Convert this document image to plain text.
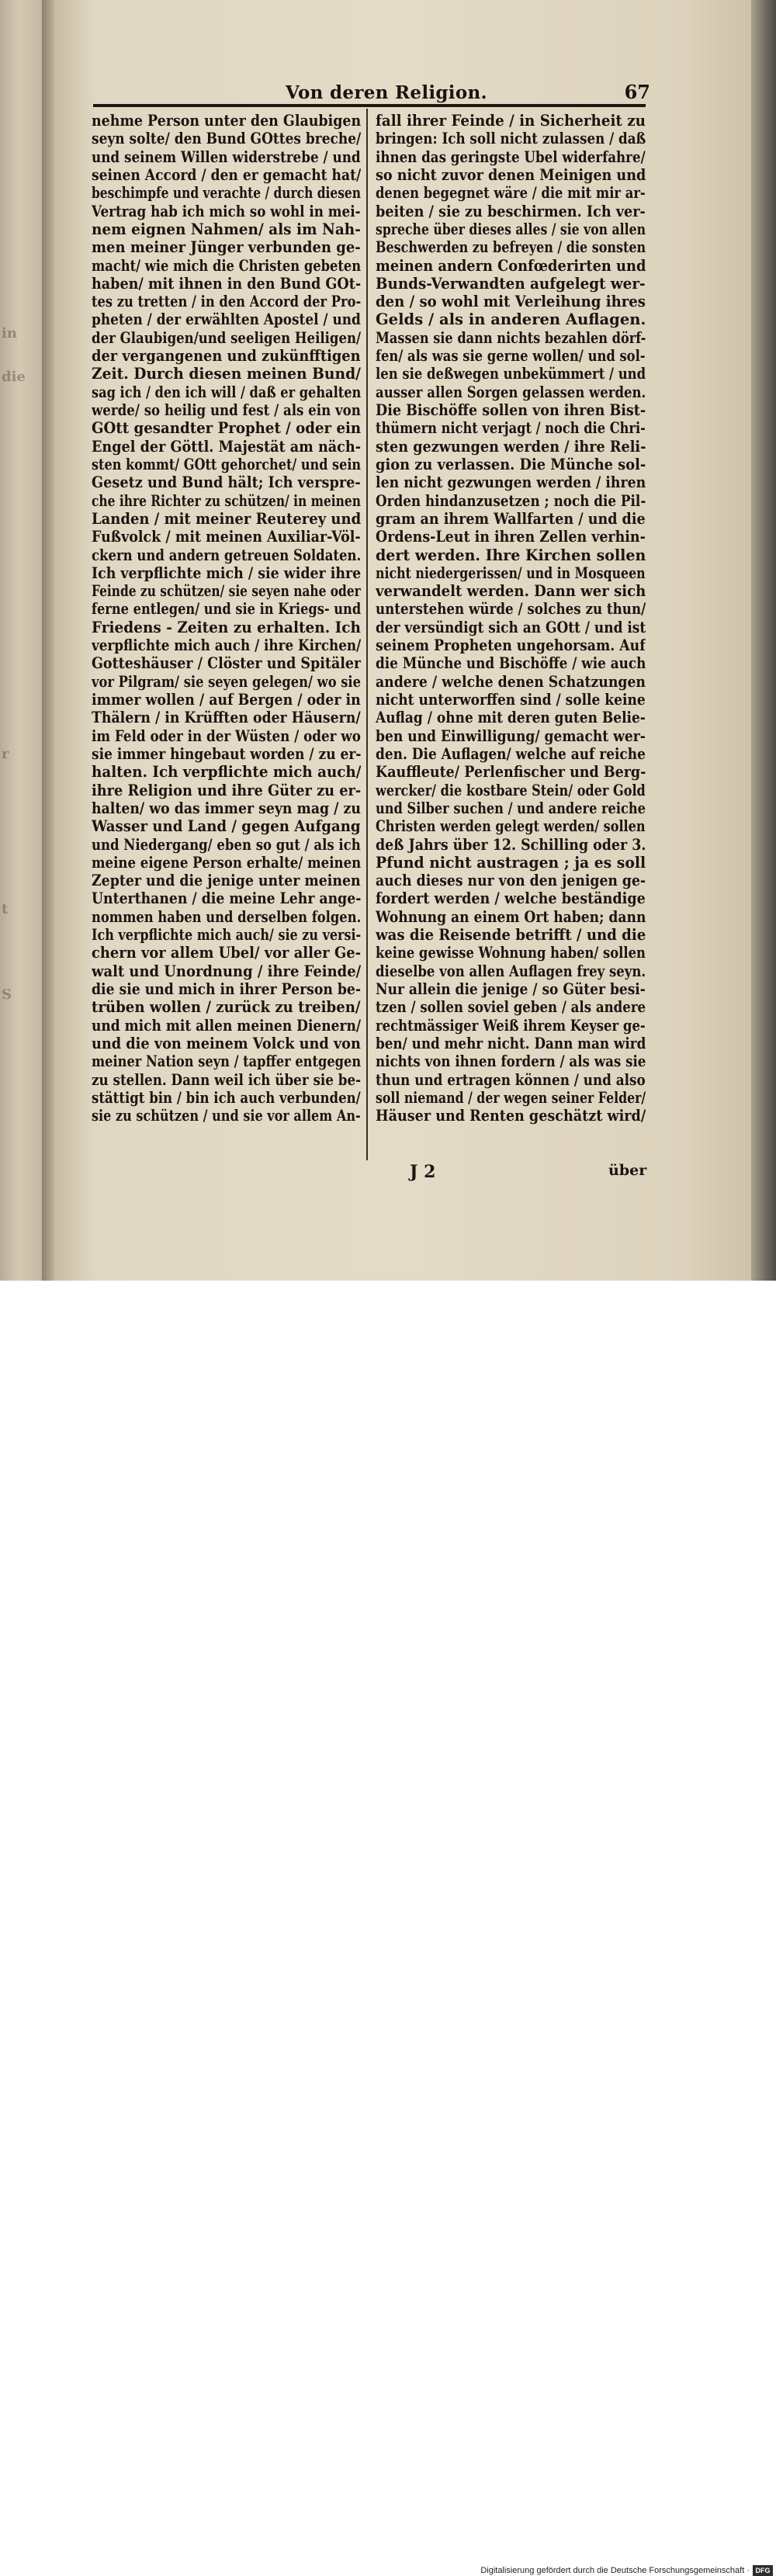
in
die
r
t
S
Von deren Religion.	67
nehme Person unter den Glaubigen
seyn solte/ den Bund GOttes breche/
und seinem Willen widerstrebe / und
seinen Accord / den er gemacht hat/
beschimpfe und verachte / durch diesen
Vertrag hab ich mich so wohl in mei-
nem eignen Nahmen/ als im Nah-
men meiner Jünger verbunden ge-
macht/ wie mich die Christen gebeten
haben/ mit ihnen in den Bund GOt-
tes zu tretten / in den Accord der Pro-
pheten / der erwählten Apostel / und
der Glaubigen/und seeligen Heiligen/
der vergangenen und zukünfftigen
Zeit. Durch diesen meinen Bund/
sag ich / den ich will / daß er gehalten
werde/ so heilig und fest / als ein von
GOtt gesandter Prophet / oder ein
Engel der Göttl. Majestät am näch-
sten kommt/ GOtt gehorchet/ und sein
Gesetz und Bund hält; Ich verspre-
che ihre Richter zu schützen/ in meinen
Landen / mit meiner Reuterey und
Fußvolck / mit meinen Auxiliar-Völ-
ckern und andern getreuen Soldaten.
Ich verpflichte mich / sie wider ihre
Feinde zu schützen/ sie seyen nahe oder
ferne entlegen/ und sie in Kriegs- und
Friedens - Zeiten zu erhalten. Ich
verpflichte mich auch / ihre Kirchen/
Gotteshäuser / Clöster und Spitäler
vor Pilgram/ sie seyen gelegen/ wo sie
immer wollen / auf Bergen / oder in
Thälern / in Krüfften oder Häusern/
im Feld oder in der Wüsten / oder wo
sie immer hingebaut worden / zu er-
halten. Ich verpflichte mich auch/
ihre Religion und ihre Güter zu er-
halten/ wo das immer seyn mag / zu
Wasser und Land / gegen Aufgang
und Niedergang/ eben so gut / als ich
meine eigene Person erhalte/ meinen
Zepter und die jenige unter meinen
Unterthanen / die meine Lehr ange-
nommen haben und derselben folgen.
Ich verpflichte mich auch/ sie zu versi-
chern vor allem Ubel/ vor aller Ge-
walt und Unordnung / ihre Feinde/
die sie und mich in ihrer Person be-
trüben wollen / zurück zu treiben/
und mich mit allen meinen Dienern/
und die von meinem Volck und von
meiner Nation seyn / tapffer entgegen
zu stellen. Dann weil ich über sie be-
stättigt bin / bin ich auch verbunden/
sie zu schützen / und sie vor allem An-
fall ihrer Feinde / in Sicherheit zu
bringen: Ich soll nicht zulassen / daß
ihnen das geringste Ubel widerfahre/
so nicht zuvor denen Meinigen und
denen begegnet wäre / die mit mir ar-
beiten / sie zu beschirmen. Ich ver-
spreche über dieses alles / sie von allen
Beschwerden zu befreyen / die sonsten
meinen andern Confœderirten und
Bunds-Verwandten aufgelegt wer-
den / so wohl mit Verleihung ihres
Gelds / als in anderen Auflagen.
Massen sie dann nichts bezahlen dörf-
fen/ als was sie gerne wollen/ und sol-
len sie deßwegen unbekümmert / und
ausser allen Sorgen gelassen werden.
Die Bischöffe sollen von ihren Bist-
thümern nicht verjagt / noch die Chri-
sten gezwungen werden / ihre Reli-
gion zu verlassen. Die Münche sol-
len nicht gezwungen werden / ihren
Orden hindanzusetzen ; noch die Pil-
gram an ihrem Wallfarten / und die
Ordens-Leut in ihren Zellen verhin-
dert werden. Ihre Kirchen sollen
nicht niedergerissen/ und in Mosqueen
verwandelt werden. Dann wer sich
unterstehen würde / solches zu thun/
der versündigt sich an GOtt / und ist
seinem Propheten ungehorsam. Auf
die Münche und Bischöffe / wie auch
andere / welche denen Schatzungen
nicht unterworffen sind / solle keine
Auflag / ohne mit deren guten Belie-
ben und Einwilligung/ gemacht wer-
den. Die Auflagen/ welche auf reiche
Kauffleute/ Perlenfischer und Berg-
wercker/ die kostbare Stein/ oder Gold
und Silber suchen / und andere reiche
Christen werden gelegt werden/ sollen
deß Jahrs über 12. Schilling oder 3.
Pfund nicht austragen ; ja es soll
auch dieses nur von den jenigen ge-
fordert werden / welche beständige
Wohnung an einem Ort haben; dann
was die Reisende betrifft / und die
keine gewisse Wohnung haben/ sollen
dieselbe von allen Auflagen frey seyn.
Nur allein die jenige / so Güter besi-
tzen / sollen soviel geben / als andere
rechtmässiger Weiß ihrem Keyser ge-
ben/ und mehr nicht. Dann man wird
nichts von ihnen fordern / als was sie
thun und ertragen können / und also
soll niemand / der wegen seiner Felder/
Häuser und Renten geschätzt wird/
J 2	über
Digitalisierung gefördert durch die Deutsche Forschungsgemeinschaft · DFG
